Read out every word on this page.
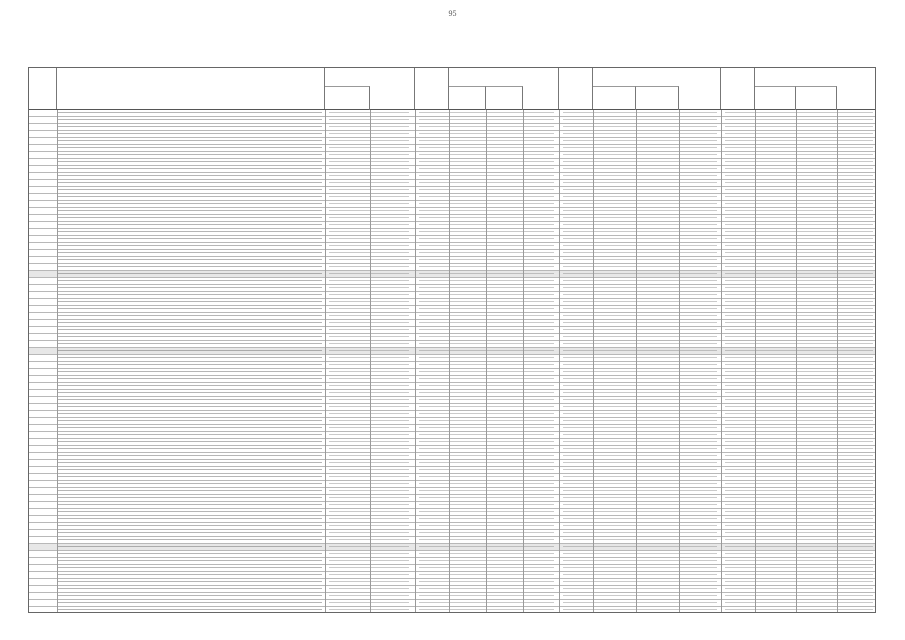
95
